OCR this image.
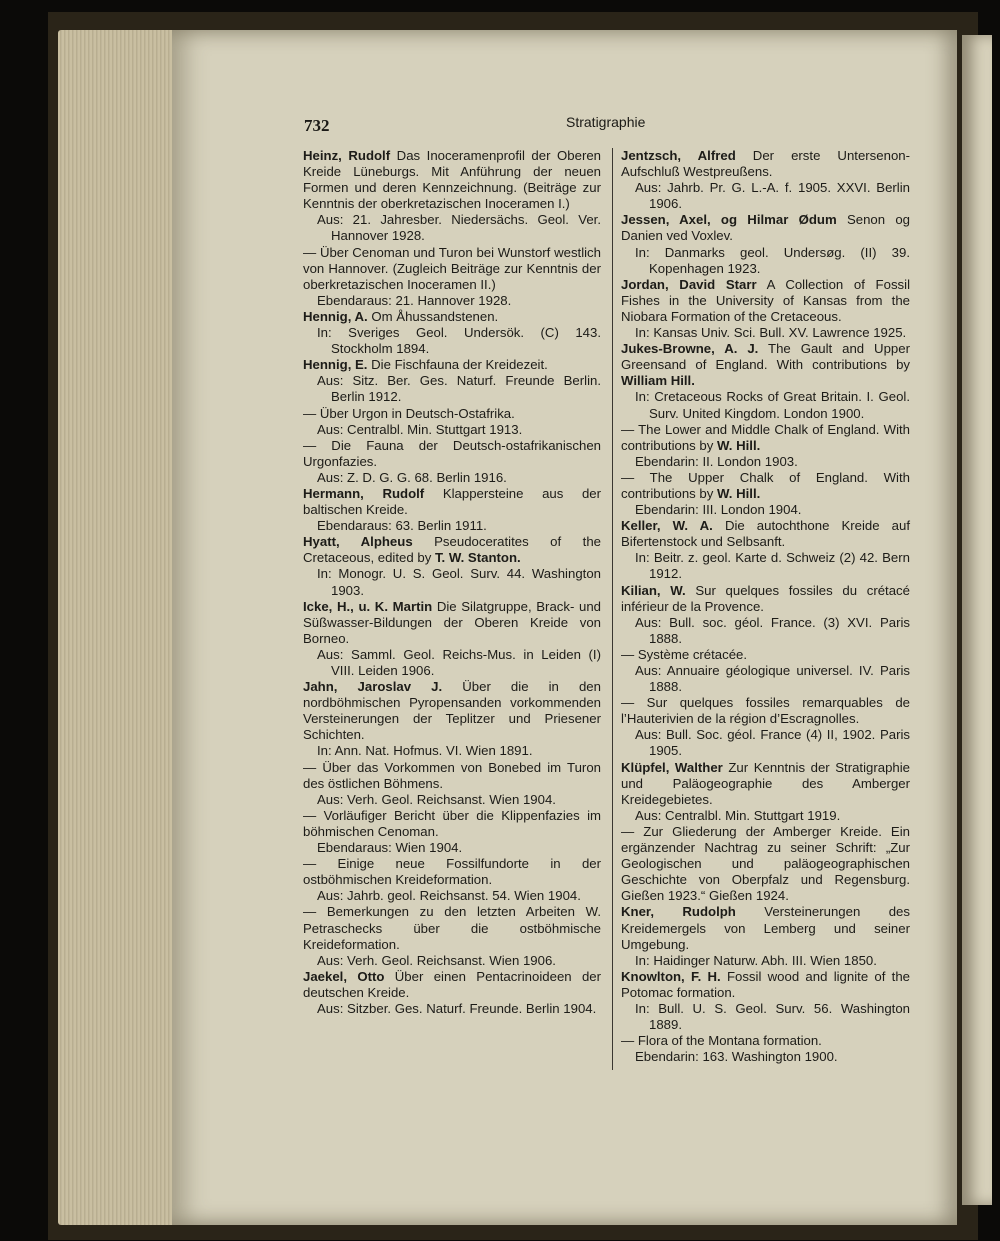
732	Stratigraphie
Heinz, Rudolf Das Inoceramenprofil der Oberen Kreide Lüneburgs. Mit Anführung der neuen Formen und deren Kennzeichnung. (Beiträge zur Kenntnis der oberkretazischen Inoceramen I.)
Aus: 21. Jahresber. Niedersächs. Geol. Ver. Hannover 1928.
— Über Cenoman und Turon bei Wunstorf westlich von Hannover. (Zugleich Beiträge zur Kenntnis der oberkretazischen Inoceramen II.)
Ebendaraus: 21. Hannover 1928.
Hennig, A. Om Åhussandstenen.
In: Sveriges Geol. Undersök. (C) 143. Stockholm 1894.
Hennig, E. Die Fischfauna der Kreidezeit.
Aus: Sitz. Ber. Ges. Naturf. Freunde Berlin. Berlin 1912.
— Über Urgon in Deutsch-Ostafrika.
Aus: Centralbl. Min. Stuttgart 1913.
— Die Fauna der Deutsch-ostafrikanischen Urgonfazies.
Aus: Z. D. G. G. 68. Berlin 1916.
Hermann, Rudolf Klappersteine aus der baltischen Kreide.
Ebendaraus: 63. Berlin 1911.
Hyatt, Alpheus Pseudoceratites of the Cretaceous, edited by T. W. Stanton.
In: Monogr. U. S. Geol. Surv. 44. Washington 1903.
Icke, H., u. K. Martin Die Silatgruppe, Brack- und Süßwasser-Bildungen der Oberen Kreide von Borneo.
Aus: Samml. Geol. Reichs-Mus. in Leiden (I) VIII. Leiden 1906.
Jahn, Jaroslav J. Über die in den nordböhmischen Pyropensanden vorkommenden Versteinerungen der Teplitzer und Priesener Schichten.
In: Ann. Nat. Hofmus. VI. Wien 1891.
— Über das Vorkommen von Bonebed im Turon des östlichen Böhmens.
Aus: Verh. Geol. Reichsanst. Wien 1904.
— Vorläufiger Bericht über die Klippenfazies im böhmischen Cenoman.
Ebendaraus: Wien 1904.
— Einige neue Fossilfundorte in der ostböhmischen Kreideformation.
Aus: Jahrb. geol. Reichsanst. 54. Wien 1904.
— Bemerkungen zu den letzten Arbeiten W. Petraschecks über die ostböhmische Kreideformation.
Aus: Verh. Geol. Reichsanst. Wien 1906.
Jaekel, Otto Über einen Pentacrinoideen der deutschen Kreide.
Aus: Sitzber. Ges. Naturf. Freunde. Berlin 1904.
Jentzsch, Alfred Der erste Untersenon-Aufschluß Westpreußens.
Aus: Jahrb. Pr. G. L.-A. f. 1905. XXVI. Berlin 1906.
Jessen, Axel, og Hilmar Ødum Senon og Danien ved Voxlev.
In: Danmarks geol. Undersøg. (II) 39. Kopenhagen 1923.
Jordan, David Starr A Collection of Fossil Fishes in the University of Kansas from the Niobara Formation of the Cretaceous.
In: Kansas Univ. Sci. Bull. XV. Lawrence 1925.
Jukes-Browne, A. J. The Gault and Upper Greensand of England. With contributions by William Hill.
In: Cretaceous Rocks of Great Britain. I. Geol. Surv. United Kingdom. London 1900.
— The Lower and Middle Chalk of England. With contributions by W. Hill.
Ebendarin: II. London 1903.
— The Upper Chalk of England. With contributions by W. Hill.
Ebendarin: III. London 1904.
Keller, W. A. Die autochthone Kreide auf Bifertenstock und Selbsanft.
In: Beitr. z. geol. Karte d. Schweiz (2) 42. Bern 1912.
Kilian, W. Sur quelques fossiles du crétacé inférieur de la Provence.
Aus: Bull. soc. géol. France. (3) XVI. Paris 1888.
— Système crétacée.
Aus: Annuaire géologique universel. IV. Paris 1888.
— Sur quelques fossiles remarquables de l’Hauterivien de la région d’Escragnolles.
Aus: Bull. Soc. géol. France (4) II, 1902. Paris 1905.
Klüpfel, Walther Zur Kenntnis der Stratigraphie und Paläogeographie des Amberger Kreidegebietes.
Aus: Centralbl. Min. Stuttgart 1919.
— Zur Gliederung der Amberger Kreide. Ein ergänzender Nachtrag zu seiner Schrift: „Zur Geologischen und paläogeographischen Geschichte von Oberpfalz und Regensburg. Gießen 1923.“ Gießen 1924.
Kner, Rudolph Versteinerungen des Kreidemergels von Lemberg und seiner Umgebung.
In: Haidinger Naturw. Abh. III. Wien 1850.
Knowlton, F. H. Fossil wood and lignite of the Potomac formation.
In: Bull. U. S. Geol. Surv. 56. Washington 1889.
— Flora of the Montana formation.
Ebendarin: 163. Washington 1900.
